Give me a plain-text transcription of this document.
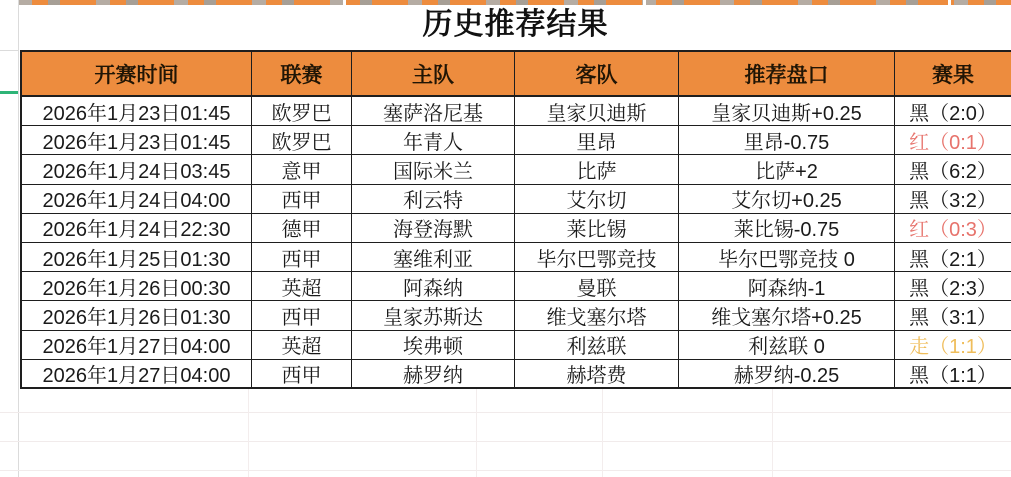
历史推荐结果
开赛时间	联赛	主队	客队	推荐盘口	赛果
2026年1月23日01:45	欧罗巴	塞萨洛尼基	皇家贝迪斯	皇家贝迪斯+0.25	黑（2:0）
2026年1月23日01:45	欧罗巴	年青人	里昂	里昂-0.75	红（0:1）
2026年1月24日03:45	意甲	国际米兰	比萨	比萨+2	黑（6:2）
2026年1月24日04:00	西甲	利云特	艾尔切	艾尔切+0.25	黑（3:2）
2026年1月24日22:30	德甲	海登海默	莱比锡	莱比锡-0.75	红（0:3）
2026年1月25日01:30	西甲	塞维利亚	毕尔巴鄂竞技	毕尔巴鄂竞技 0	黑（2:1）
2026年1月26日00:30	英超	阿森纳	曼联	阿森纳-1	黑（2:3）
2026年1月26日01:30	西甲	皇家苏斯达	维戈塞尔塔	维戈塞尔塔+0.25	黑（3:1）
2026年1月27日04:00	英超	埃弗顿	利兹联	利兹联 0	走（1:1）
2026年1月27日04:00	西甲	赫罗纳	赫塔费	赫罗纳-0.25	黑（1:1）
